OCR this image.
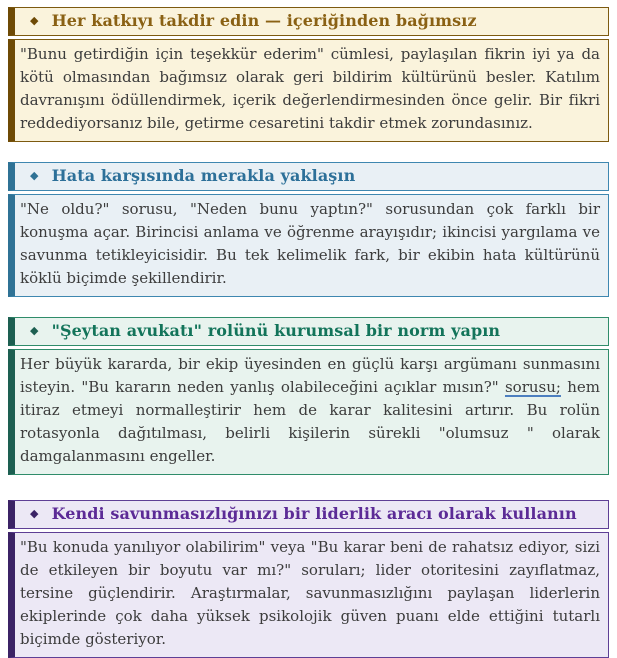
◆ Her katkıyı takdir edin — içeriğinden bağımsız
"Bunu getirdiğin için teşekkür ederim" cümlesi, paylaşılan fikrin iyi ya da kötü olmasından bağımsız olarak geri bildirim kültürünü besler. Katılım davranışını ödüllendirmek, içerik değerlendirmesinden önce gelir. Bir fikri reddediyorsanız bile, getirme cesaretini takdir etmek zorundasınız.
◆ Hata karşısında merakla yaklaşın
"Ne oldu?" sorusu, "Neden bunu yaptın?" sorusundan çok farklı bir konuşma açar. Birincisi anlama ve öğrenme arayışıdır; ikincisi yargılama ve savunma tetikleyicisidir. Bu tek kelimelik fark, bir ekibin hata kültürünü köklü biçimde şekillendirir.
◆ "Şeytan avukatı" rolünü kurumsal bir norm yapın
Her büyük kararda, bir ekip üyesinden en güçlü karşı argümanı sunmasını isteyin. "Bu kararın neden yanlış olabileceğini açıklar mısın?" sorusu; hem itiraz etmeyi normalleştirir hem de karar kalitesini artırır. Bu rolün rotasyonla dağıtılması, belirli kişilerin sürekli "olumsuz " olarak damgalanmasını engeller.
◆ Kendi savunmasızlığınızı bir liderlik aracı olarak kullanın
"Bu konuda yanılıyor olabilirim" veya "Bu karar beni de rahatsız ediyor, sizi de etkileyen bir boyutu var mı?" soruları; lider otoritesini zayıflatmaz, tersine güçlendirir. Araştırmalar, savunmasızlığını paylaşan liderlerin ekiplerinde çok daha yüksek psikolojik güven puanı elde ettiğini tutarlı biçimde gösteriyor.
